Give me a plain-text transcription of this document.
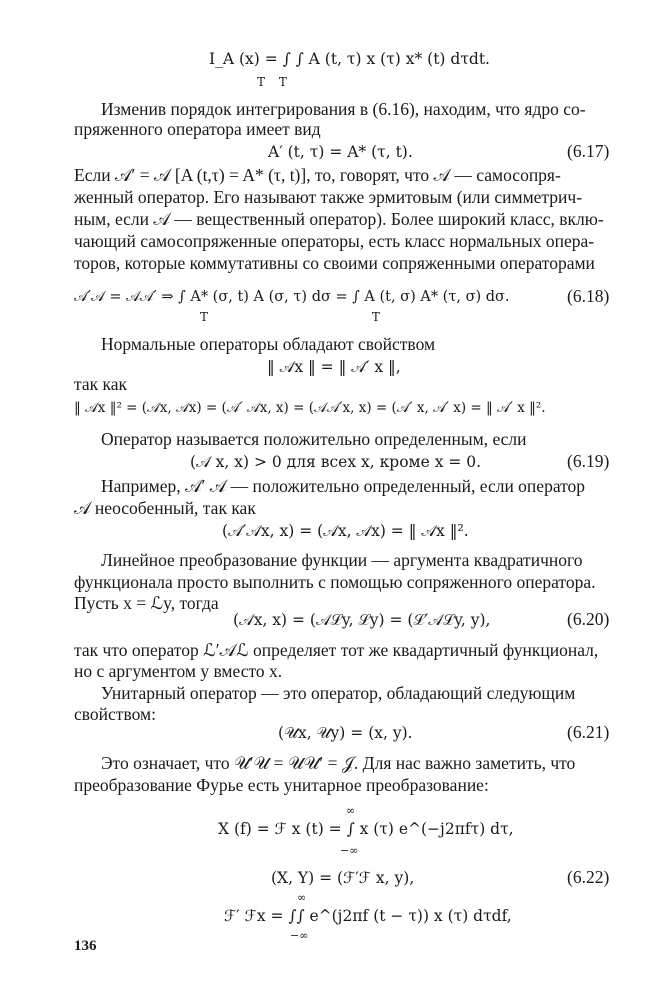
I_A (x) = ∫ ∫ A (t, τ) x (τ) x* (t) dτdt.
T T
Изменив порядок интегрирования в (6.16), находим, что ядро со-
пряженного оператора имеет вид
A′ (t, τ) = A* (τ, t).	(6.17)
Если 𝒜′ = 𝒜 [A (t,τ) = A* (τ, t)], то, говорят, что 𝒜 — самосопря-
женный оператор. Его называют также эрмитовым (или симметрич-
ным, если 𝒜 — вещественный оператор). Более широкий класс, вклю-
чающий самосопряженные операторы, есть класс нормальных опера-
торов, которые коммутативны со своими сопряженными операторами
𝒜′𝒜 = 𝒜𝒜′ ⇒ ∫ A* (σ, t) A (σ, τ) dσ = ∫ A (t, σ) A* (τ, σ) dσ.
T T
(6.18)
Нормальные операторы обладают свойством
‖ 𝒜x ‖ = ‖ 𝒜′ x ‖,
так как
‖ 𝒜x ‖² = (𝒜x, 𝒜x) = (𝒜′ 𝒜x, x) = (𝒜𝒜′x, x) = (𝒜′ x, 𝒜′ x) = ‖ 𝒜′ x ‖².
Оператор называется положительно определенным, если
(𝒜 x, x) > 0 для всех x, кроме x = 0.	(6.19)
Например, 𝒜′ 𝒜 — положительно определенный, если оператор
𝒜 неособенный, так как
(𝒜′𝒜x, x) = (𝒜x, 𝒜x) = ‖ 𝒜x ‖².
Линейное преобразование функции — аргумента квадратичного
функционала просто выполнить с помощью сопряженного оператора.
Пусть x = ℒy, тогда
(𝒜x, x) = (𝒜ℒy, ℒy) = (ℒ′𝒜ℒy, y),	(6.20)
так что оператор ℒ′𝒜ℒ определяет тот же квадартичный функционал,
но с аргументом y вместо x.
Унитарный оператор — это оператор, обладающий следующим
свойством:
(𝒰x, 𝒰y) = (x, y).	(6.21)
Это означает, что 𝒰′𝒰 = 𝒰𝒰′ = 𝒥. Для нас важно заметить, что
преобразование Фурье есть унитарное преобразование:
X (f) = ℱ x (t) = ∫ x (τ) e^(−j2πfτ) dτ,
∞
−∞
(X, Y) = (ℱ′ℱ x, y),	(6.22)
ℱ′ ℱx = ∫∫ e^(j2πf (t − τ)) x (τ) dτdf,
∞
−∞
136
